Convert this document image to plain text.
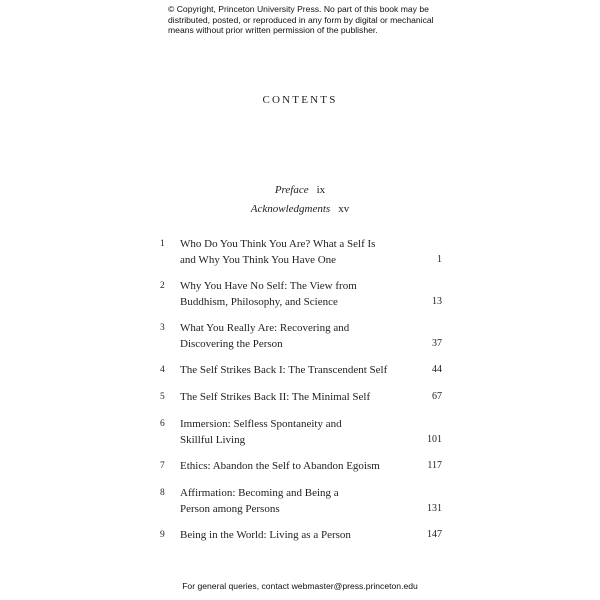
© Copyright, Princeton University Press. No part of this book may be
distributed, posted, or reproduced in any form by digital or mechanical
means without prior written permission of the publisher.
CONTENTS
Preface ix
Acknowledgments xv
1	Who Do You Think You Are? What a Self Is
and Why You Think You Have One	1
2	Why You Have No Self: The View from
Buddhism, Philosophy, and Science	13
3	What You Really Are: Recovering and
Discovering the Person	37
4	The Self Strikes Back I: The Transcendent Self	44
5	The Self Strikes Back II: The Minimal Self	67
6	Immersion: Selfless Spontaneity and
Skillful Living	101
7	Ethics: Abandon the Self to Abandon Egoism	117
8	Affirmation: Becoming and Being a
Person among Persons	131
9	Being in the World: Living as a Person	147
For general queries, contact webmaster@press.princeton.edu
